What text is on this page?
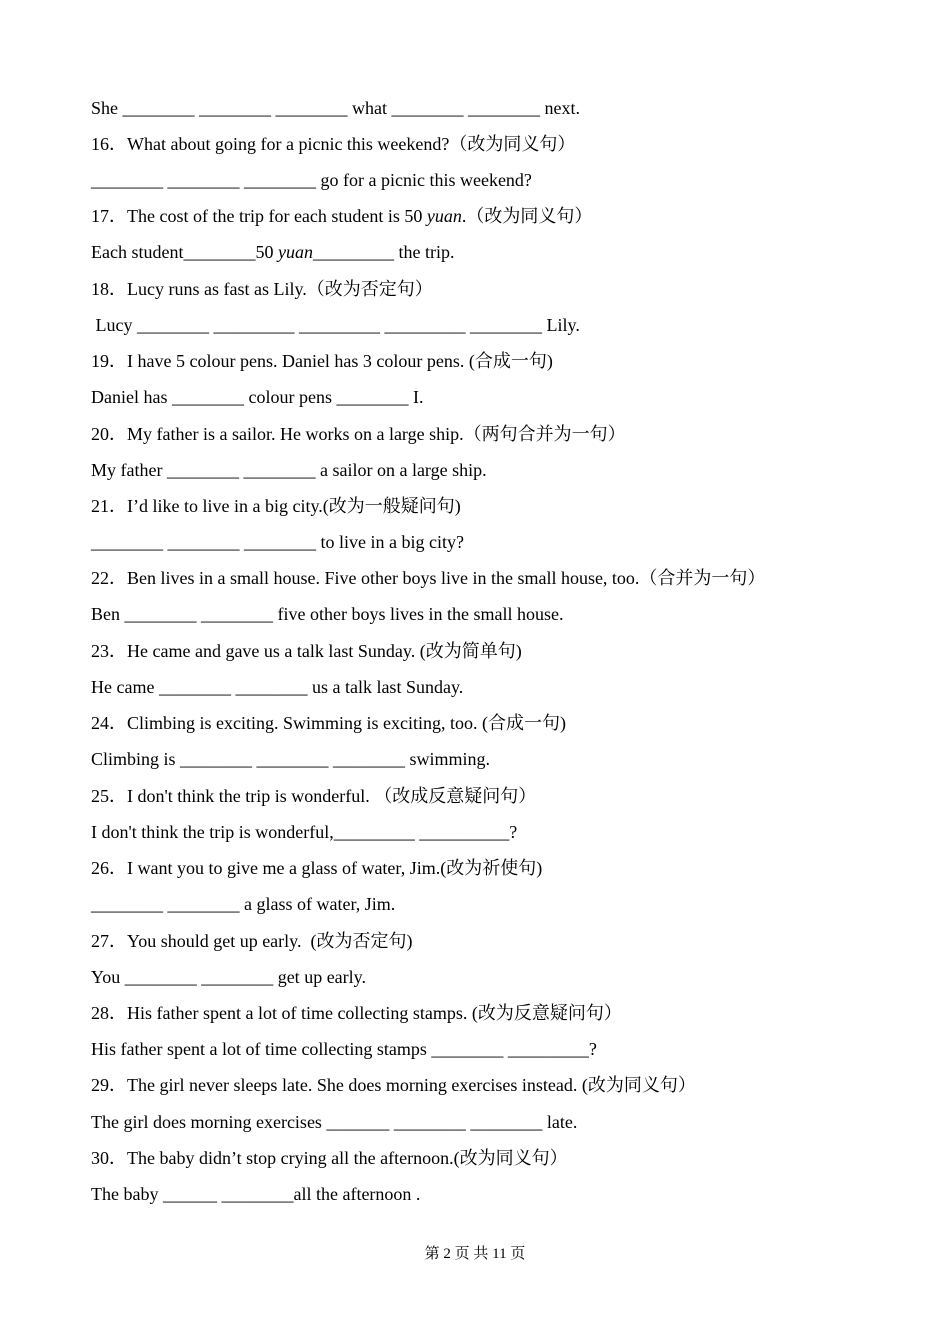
She ________ ________ ________ what ________ ________ next.
16．What about going for a picnic this weekend?（改为同义句）
________ ________ ________ go for a picnic this weekend?
17．The cost of the trip for each student is 50 yuan.（改为同义句）
Each student________50 yuan_________ the trip.
18．Lucy runs as fast as Lily.（改为否定句）
Lucy ________ _________ _________ _________ ________ Lily.
19．I have 5 colour pens. Daniel has 3 colour pens. (合成一句)
Daniel has ________ colour pens ________ I.
20．My father is a sailor. He works on a large ship.（两句合并为一句）
My father ________ ________ a sailor on a large ship.
21．I’d like to live in a big city.(改为一般疑问句)
________ ________ ________ to live in a big city?
22．Ben lives in a small house. Five other boys live in the small house, too.（合并为一句）
Ben ________ ________ five other boys lives in the small house.
23．He came and gave us a talk last Sunday. (改为简单句)
He came ________ ________ us a talk last Sunday.
24．Climbing is exciting. Swimming is exciting, too. (合成一句)
Climbing is ________ ________ ________ swimming.
25．I don't think the trip is wonderful. （改成反意疑问句）
I don't think the trip is wonderful,_________ __________?
26．I want you to give me a glass of water, Jim.(改为祈使句)
________ ________ a glass of water, Jim.
27．You should get up early.  (改为否定句)
You ________ ________ get up early.
28．His father spent a lot of time collecting stamps. (改为反意疑问句）
His father spent a lot of time collecting stamps ________ _________?
29．The girl never sleeps late. She does morning exercises instead. (改为同义句）
The girl does morning exercises _______ ________ ________ late.
30．The baby didn’t stop crying all the afternoon.(改为同义句）
The baby ______ ________all the afternoon .
第 2 页 共 11 页
